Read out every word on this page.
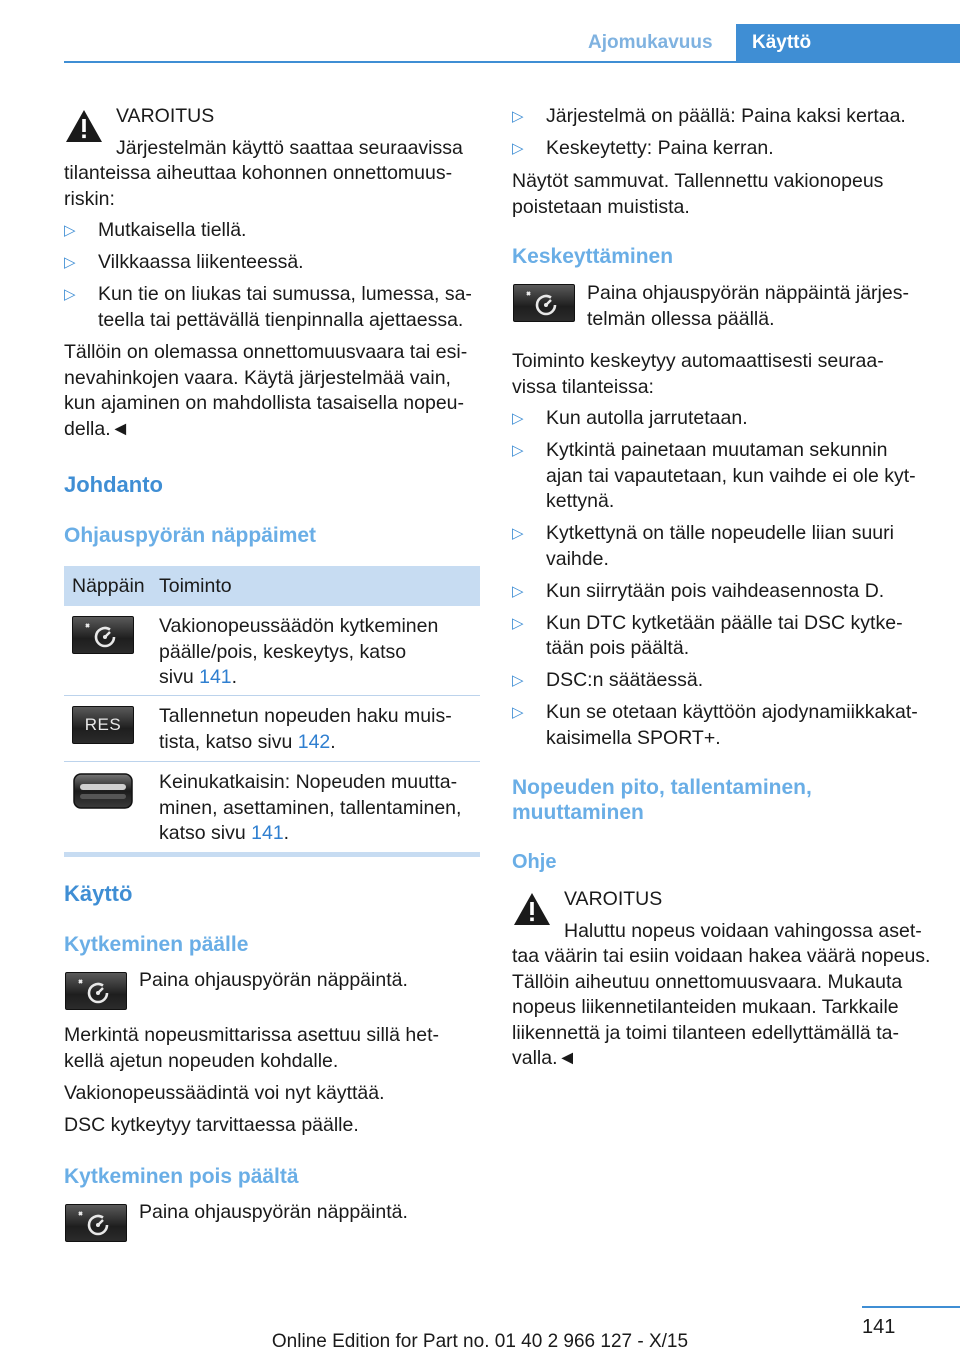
Ajomukavuus Käyttö

VAROITUS

Järjestelmän käyttö saattaa seuraavissa

tilanteissa aiheuttaa kohonnen onnettomuus-

riskin:

▷ Mutkaisella tiellä.
▷ Vilkkaassa liikenteessä.
▷ Kun tie on liukas tai sumussa, lumessa, sa-
teella tai pettävällä tienpinnalla ajettaessa.

Tällöin on olemassa onnettomuusvaara tai esi-

nevahinkojen vaara. Käytä järjestelmää vain,

kun ajaminen on mahdollista tasaisella nopeu-

della.◄

Johdanto
Ohjauspyörän näppäimet
Näppäin Toiminto

Vakionopeussäädön kytkeminen

päälle/pois, keskeytys, katso

sivu 141.

RES	Tallennetun nopeuden haku muis-

tista, katso sivu 142.

Keinukatkaisin: Nopeuden muutta-

minen, asettaminen, tallentaminen,

katso sivu 141.

Käyttö
Kytkeminen päälle

Paina ohjauspyörän näppäintä.

Merkintä nopeusmittarissa asettuu sillä het-

kellä ajetun nopeuden kohdalle.

Vakionopeussäädintä voi nyt käyttää.

DSC kytkeytyy tarvittaessa päälle.

Kytkeminen pois päältä

Paina ohjauspyörän näppäintä.

▷ Järjestelmä on päällä: Paina kaksi kertaa.
▷ Keskeytetty: Paina kerran.

Näytöt sammuvat. Tallennettu vakionopeus

poistetaan muistista.

Keskeyttäminen

Paina ohjauspyörän näppäintä järjes-

telmän ollessa päällä.

Toiminto keskeytyy automaattisesti seuraa-

vissa tilanteissa:

▷ Kun autolla jarrutetaan.
▷ Kytkintä painetaan muutaman sekunnin
ajan tai vapautetaan, kun vaihde ei ole kyt-
kettynä.
▷ Kytkettynä on tälle nopeudelle liian suuri
vaihde.
▷ Kun siirrytään pois vaihdeasennosta D.
▷ Kun DTC kytketään päälle tai DSC kytke-
tään pois päältä.
▷ DSC:n säätäessä.
▷ Kun se otetaan käyttöön ajodynamiikkakat-
kaisimella SPORT+.
Nopeuden pito, tallentaminen,
muuttaminen
Ohje

VAROITUS

Haluttu nopeus voidaan vahingossa aset-

taa väärin tai esiin voidaan hakea väärä nopeus.

Tällöin aiheutuu onnettomuusvaara. Mukauta

nopeus liikennetilanteiden mukaan. Tarkkaile

liikennettä ja toimi tilanteen edellyttämällä ta-

valla.◄

141
Online Edition for Part no. 01 40 2 966 127 - X/15
